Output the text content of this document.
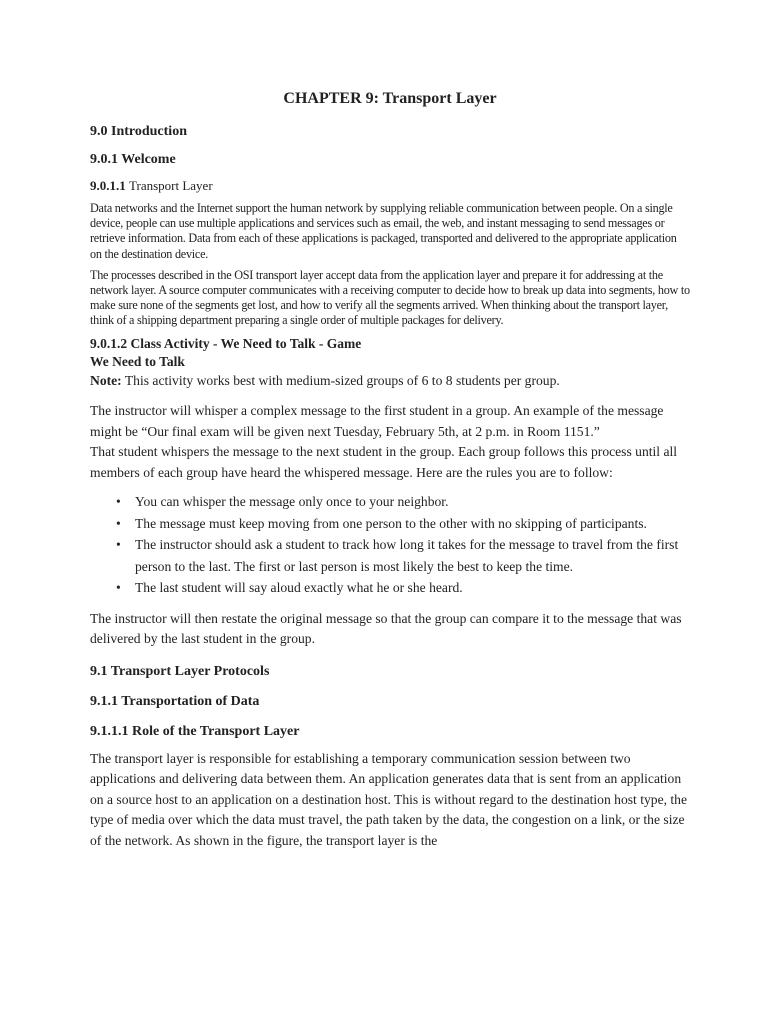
CHAPTER 9: Transport Layer
9.0 Introduction
9.0.1 Welcome
9.0.1.1 Transport Layer

Data networks and the Internet support the human network by supplying reliable communication between people. On a single device, people can use multiple applications and services such as email, the web, and instant messaging to send messages or retrieve information. Data from each of these applications is packaged, transported and delivered to the appropriate application on the destination device.

The processes described in the OSI transport layer accept data from the application layer and prepare it for addressing at the network layer. A source computer communicates with a receiving computer to decide how to break up data into segments, how to make sure none of the segments get lost, and how to verify all the segments arrived. When thinking about the transport layer, think of a shipping department preparing a single order of multiple packages for delivery.

9.0.1.2 Class Activity - We Need to Talk - Game
We Need to Talk

Note: This activity works best with medium-sized groups of 6 to 8 students per group.

The instructor will whisper a complex message to the first student in a group. An example of the message might be “Our final exam will be given next Tuesday, February 5th, at 2 p.m. in Room 1151.”

That student whispers the message to the next student in the group. Each group follows this process until all members of each group have heard the whispered message. Here are the rules you are to follow:

• You can whisper the message only once to your neighbor.
• The message must keep moving from one person to the other with no skipping of participants.
• The instructor should ask a student to track how long it takes for the message to travel from the first person to the last. The first or last person is most likely the best to keep the time.
• The last student will say aloud exactly what he or she heard.

The instructor will then restate the original message so that the group can compare it to the message that was delivered by the last student in the group.

9.1 Transport Layer Protocols
9.1.1 Transportation of Data
9.1.1.1 Role of the Transport Layer

The transport layer is responsible for establishing a temporary communication session between two applications and delivering data between them. An application generates data that is sent from an application on a source host to an application on a destination host. This is without regard to the destination host type, the type of media over which the data must travel, the path taken by the data, the congestion on a link, or the size of the network. As shown in the figure, the transport layer is the
